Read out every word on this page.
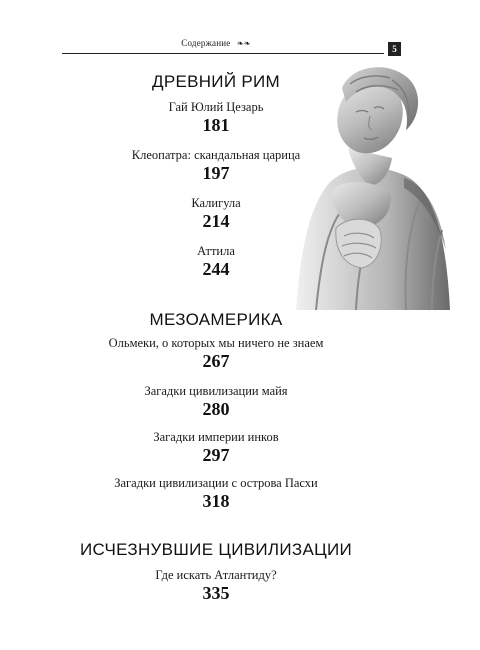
Содержание ❧❧
5
ДРЕВНИЙ РИМ
Гай Юлий Цезарь
181
Клеопатра: скандальная царица
197
Калигула
214
Аттила
244
МЕЗОАМЕРИКА
Ольмеки, о которых мы ничего не знаем
267
Загадки цивилизации майя
280
Загадки империи инков
297
Загадки цивилизации с острова Пасхи
318
ИСЧЕЗНУВШИЕ ЦИВИЛИЗАЦИИ
Где искать Атлантиду?
335
